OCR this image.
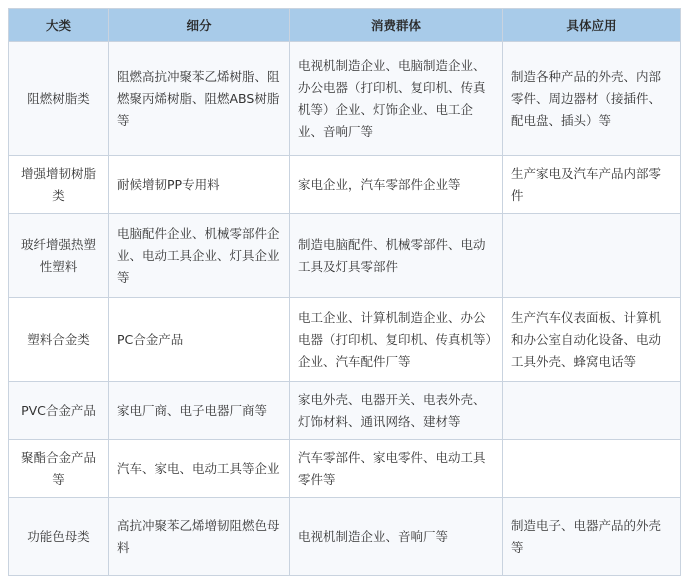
大类	细分	消费群体	具体应用
阻燃树脂类	阻燃高抗冲聚苯乙烯树脂、阻燃聚丙烯树脂、阻燃ABS树脂等	电视机制造企业、电脑制造企业、办公电器（打印机、复印机、传真机等）企业、灯饰企业、电工企业、音响厂等	制造各种产品的外壳、内部零件、周边器材（接插件、配电盘、插头）等
增强增韧树脂类	耐候增韧PP专用料	家电企业，汽车零部件企业等	生产家电及汽车产品内部零件
玻纤增强热塑性塑料	电脑配件企业、机械零部件企业、电动工具企业、灯具企业等	制造电脑配件、机械零部件、电动工具及灯具零部件	
塑料合金类	PC合金产品	电工企业、计算机制造企业、办公电器（打印机、复印机、传真机等）企业、汽车配件厂等	生产汽车仪表面板、计算机和办公室自动化设备、电动工具外壳、蜂窝电话等
PVC合金产品	家电厂商、电子电器厂商等	家电外壳、电器开关、电表外壳、灯饰材料、通讯网络、建材等	
聚酯合金产品等	汽车、家电、电动工具等企业	汽车零部件、家电零件、电动工具零件等	
功能色母类	高抗冲聚苯乙烯增韧阻燃色母料	电视机制造企业、音响厂等	制造电子、电器产品的外壳等
